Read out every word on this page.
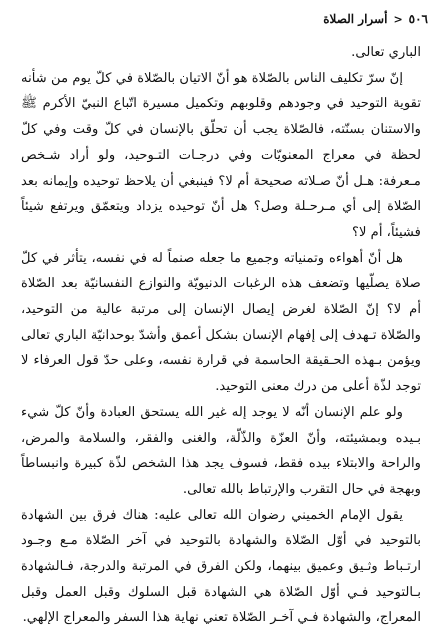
٥٠٦
<
أسرار الصلاة

الباري تعالى.

إنّ سرّ تكليف الناس بالصّلاة هو أنّ الاتيان بالصّلاة في كلّ يوم من شأنه تقوية التوحيد في وجودهم وقلوبهم وتكميل مسيرة اتّباع النبيّ الأكرم ﷺ والاستنان بسنّته، فالصّلاة يجب أن تحلّق بالإنسان في كلّ وقت وفي كلّ لحظة في معراج المعنويّات وفي درجـات التـوحيد، ولو أراد شـخص مـعرفة: هـل أنّ صـلاته صحيحة أم لا؟ فينبغي أن يلاحظ توحيده وإيمانه بعد الصّلاة إلى أي مـرحـلة وصل؟ هل أنّ توحيده يزداد ويتعمّق ويرتفع شيئاً فشيئاً، أم لا؟

هل أنّ أهواءه وتمنياته وجميع ما جعله صنماً له في نفسه، يتأثر في كلّ صلاة يصلّيها وتضعف هذه الرغبات الدنيويّة والنوازع النفسانيّة بعد الصّلاة أم لا؟ إنّ الصّلاة لغرض إيصال الإنسان إلى مرتبة عالية من التوحيد، والصّلاة تـهدف إلى إفهام الإنسان بشكل أعمق وأشدّ بوحدانيّة الباري تعالى ويؤمن بـهذه الحـقيقة الحاسمة في قرارة نفسه، وعلى حدّ قول العرفاء لا توجد لذّة أعلى من درك معنى التوحيد.

ولو علم الإنسان أنّه لا يوجد إله غير الله يستحق العبادة وأنّ كلّ شيء بـيده وبمشيئته، وأنّ العزّة والذّلّة، والغنى والفقر، والسلامة والمرض، والراحة والابتلاء بيده فقط، فسوف يجد هذا الشخص لذّة كبيرة وانبساطاً وبهجة في حال التقرب والإرتباط بالله تعالى.

يقول الإمام الخميني رضوان الله تعالى عليه: هناك فرق بين الشهادة بالتوحيد في أوّل الصّلاة والشهادة بالتوحيد في آخر الصّلاة مـع وجـود ارتـباط وثـيق وعميق بينهما، ولكن الفرق في المرتبة والدرجة، فـالشهادة بـالتوحيد فـي أوّل الصّلاة هي الشهادة قبل السلوك وقبل العمل وقبل المعراج، والشهادة فـي آخـر الصّلاة تعني نهاية هذا السفر والمعراج الإلهي.
